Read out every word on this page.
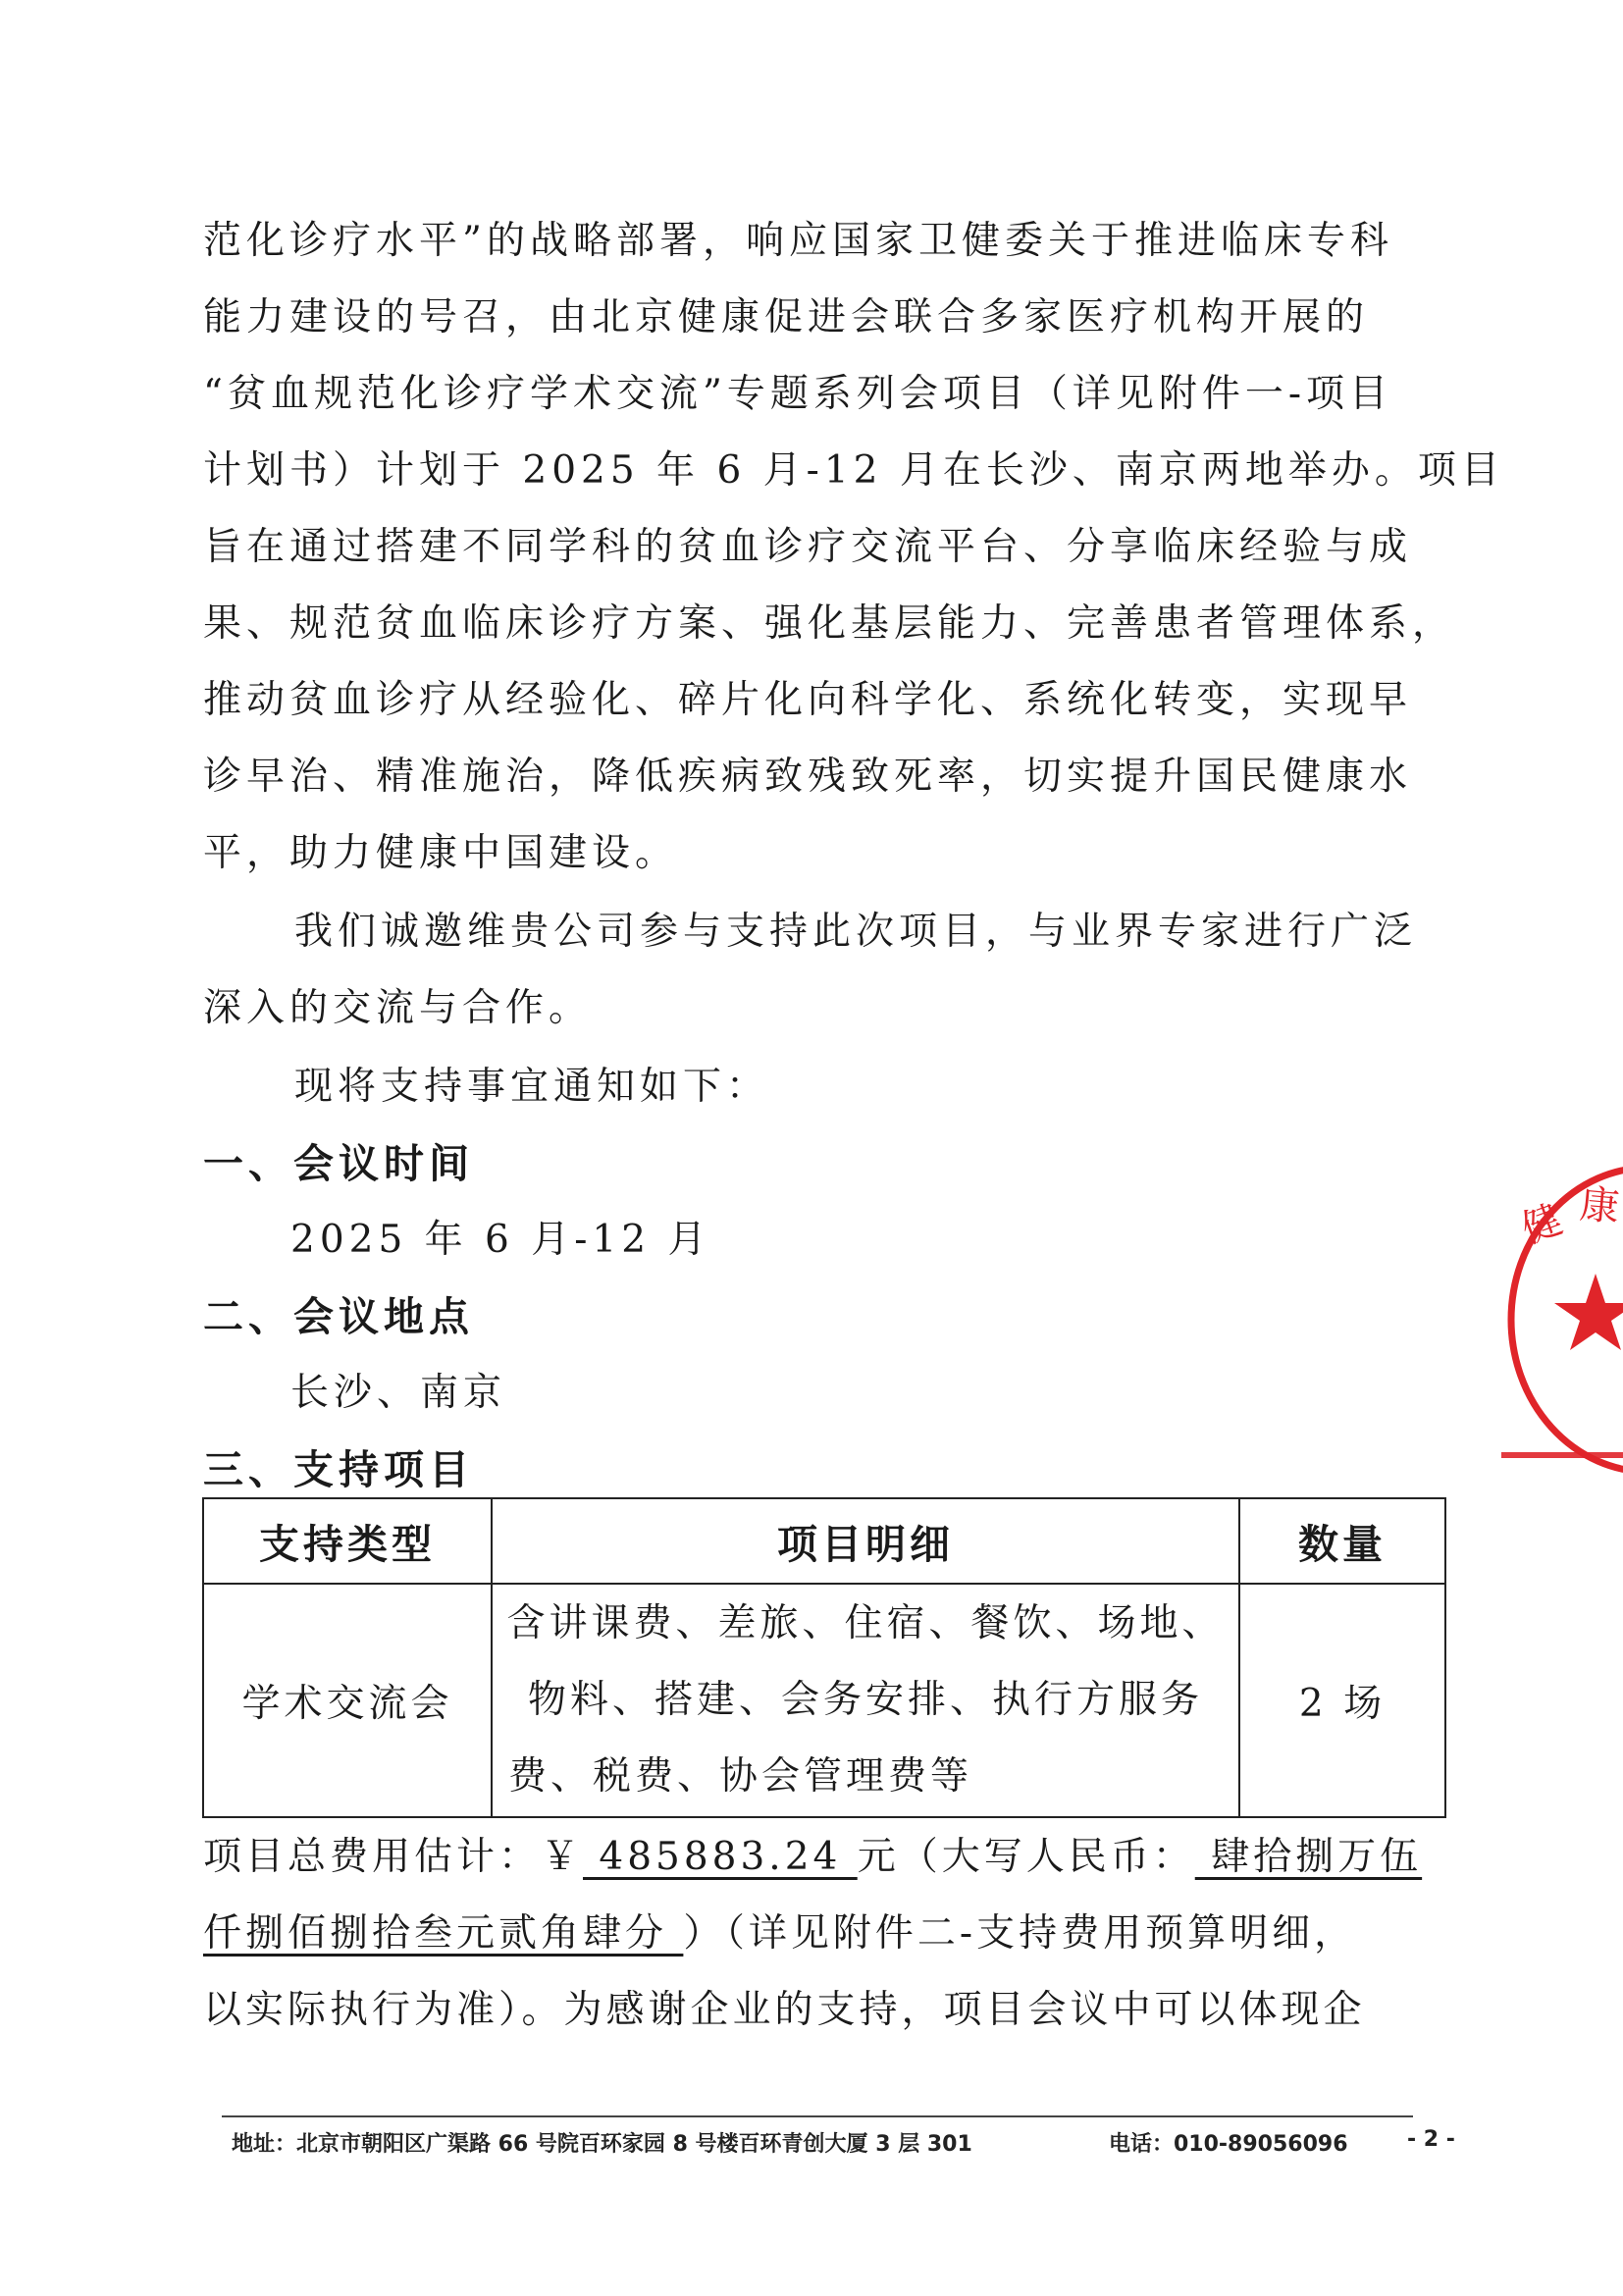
范化诊疗水平”的战略部署，响应国家卫健委关于推进临床专科
能力建设的号召，由北京健康促进会联合多家医疗机构开展的
“贫血规范化诊疗学术交流”专题系列会项目（详见附件一-项目
计划书）计划于 2025 年 6 月-12 月在长沙、南京两地举办。项目
旨在通过搭建不同学科的贫血诊疗交流平台、分享临床经验与成
果、规范贫血临床诊疗方案、强化基层能力、完善患者管理体系，
推动贫血诊疗从经验化、碎片化向科学化、系统化转变，实现早
诊早治、精准施治，降低疾病致残致死率，切实提升国民健康水
平，助力健康中国建设。
我们诚邀维贵公司参与支持此次项目，与业界专家进行广泛
深入的交流与合作。
现将支持事宜通知如下：
一、会议时间
2025 年 6 月-12 月
二、会议地点
长沙、南京
三、支持项目
支持类型	项目明细	数量
学术交流会	含讲课费、差旅、住宿、餐饮、场地、
物料、搭建、会务安排、执行方服务
费、税费、协会管理费等	2 场
项目总费用估计：￥ 485883.24 元（大写人民币： 肆拾捌万伍
仟捌佰捌拾叁元贰角肆分 ）（详见附件二-支持费用预算明细，
以实际执行为准）。为感谢企业的支持，项目会议中可以体现企
地址：北京市朝阳区广渠路 66 号院百环家园 8 号楼百环青创大厦 3 层 301	电话：010-89056096	- 2 -
健 康
